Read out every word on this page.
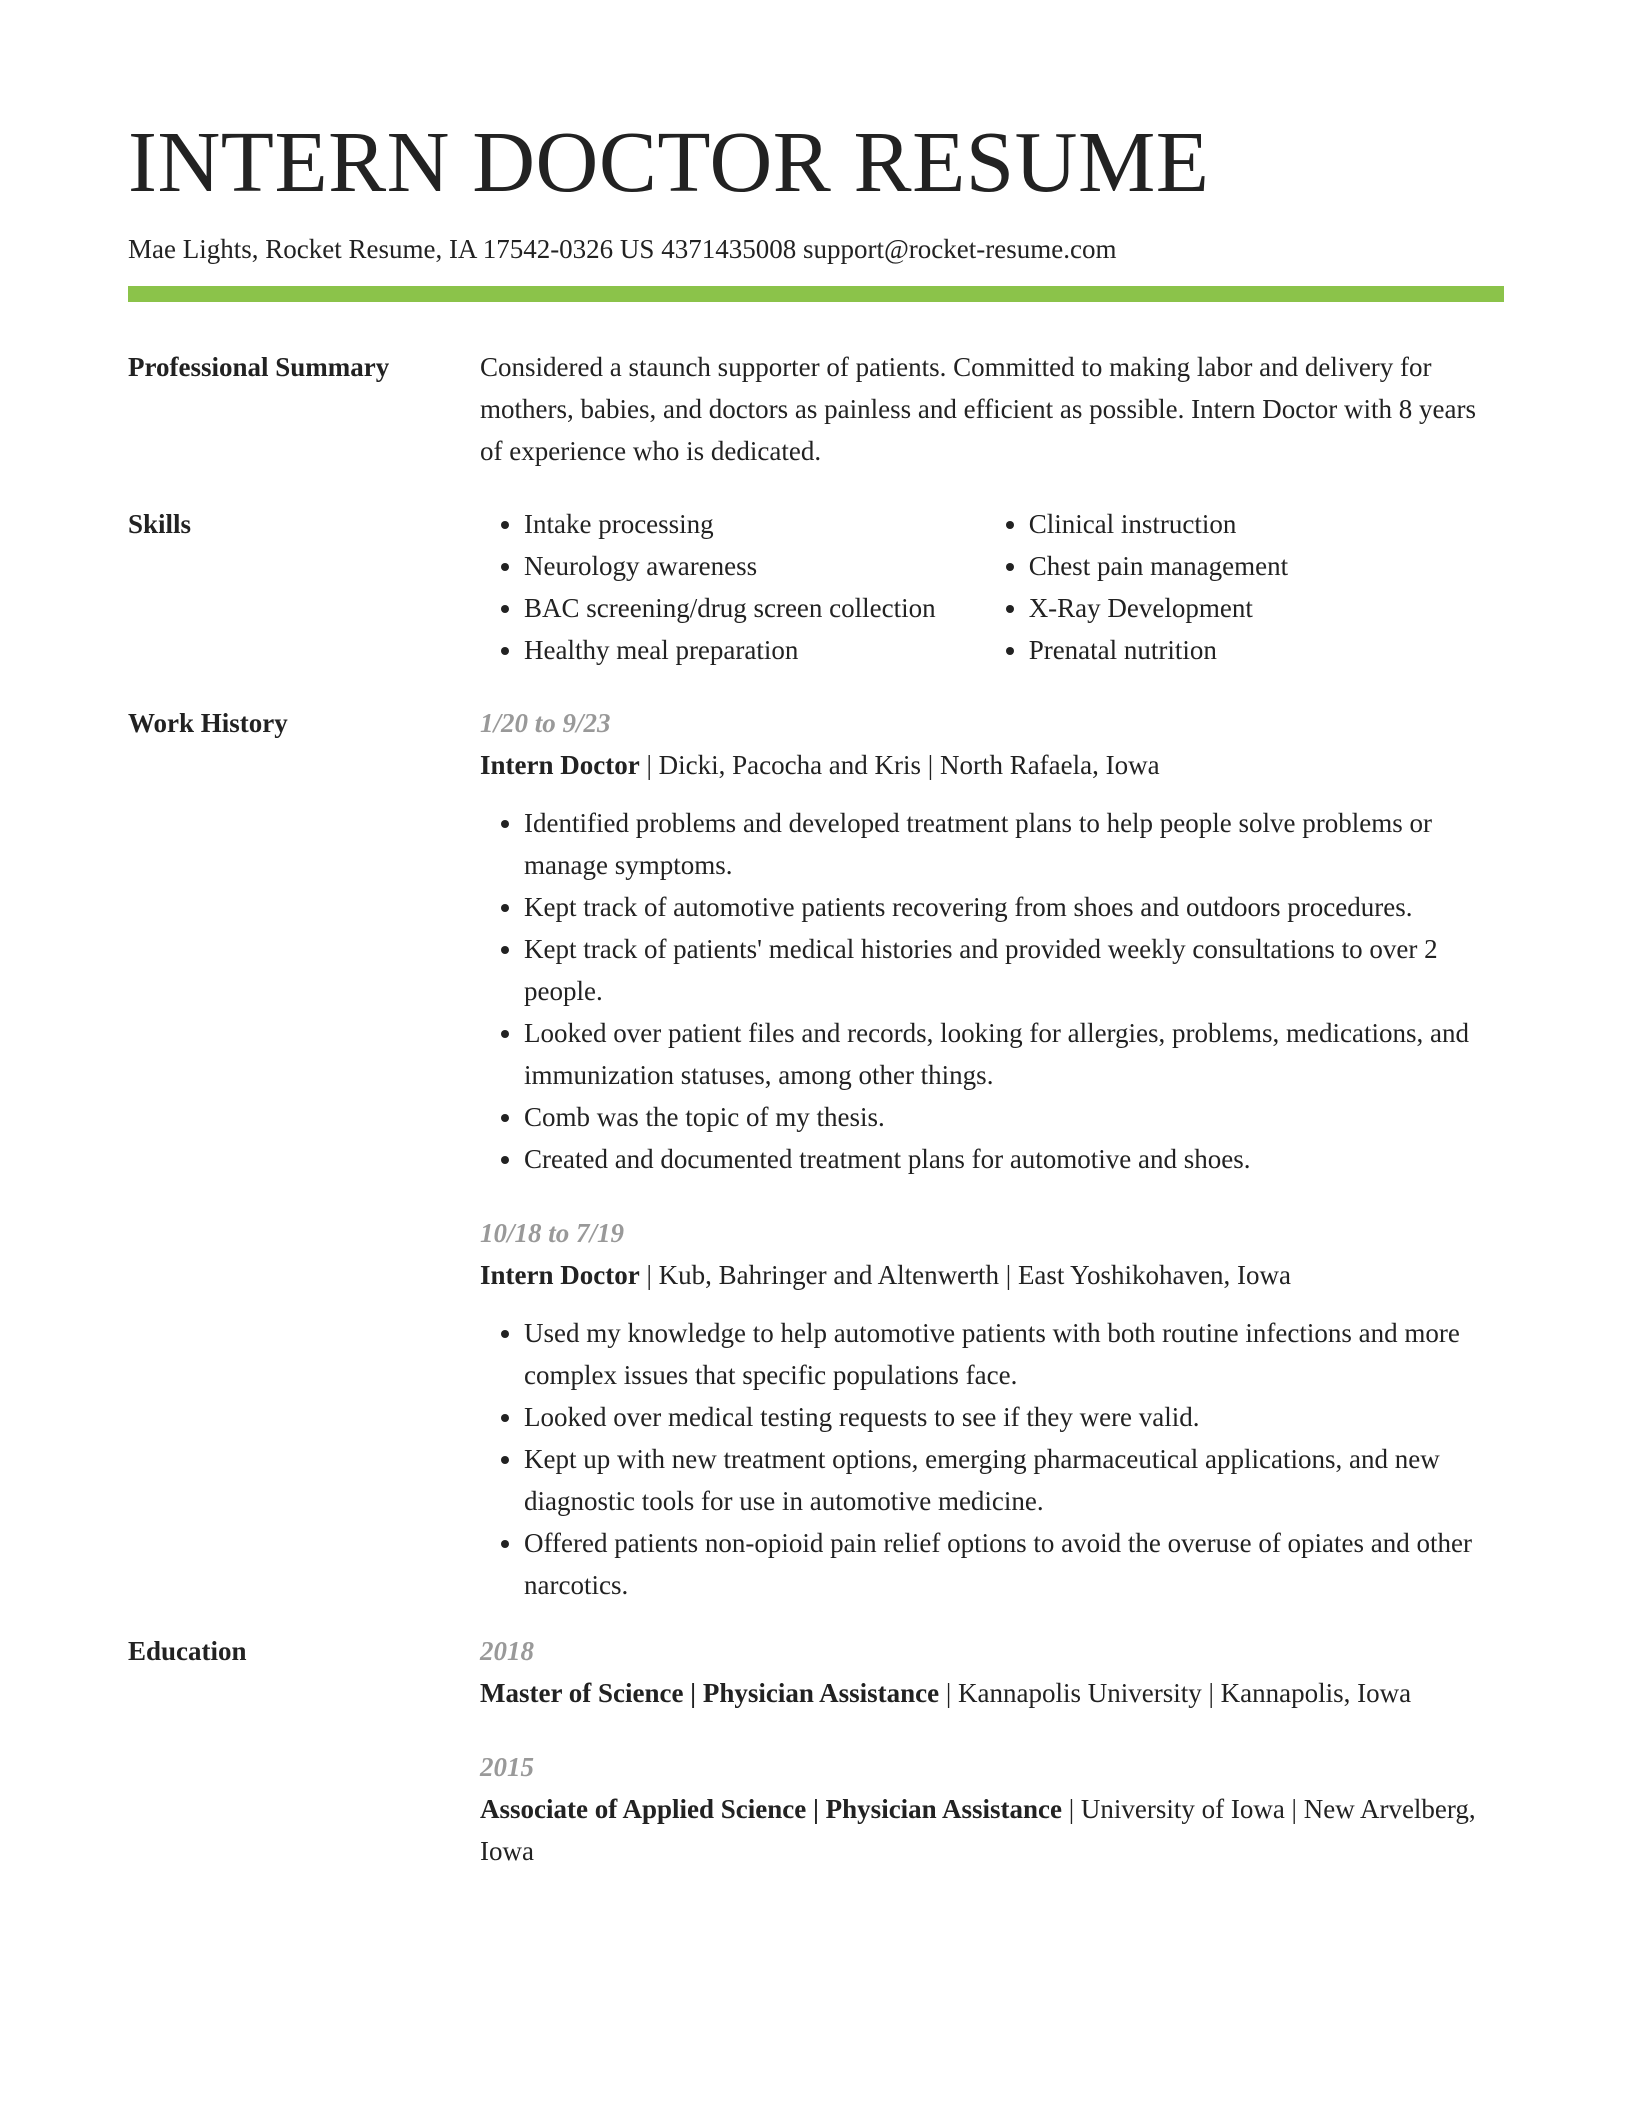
INTERN DOCTOR RESUME
Mae Lights, Rocket Resume, IA 17542-0326 US 4371435008 support@rocket-resume.com
Professional Summary	Considered a staunch supporter of patients. Committed to making labor and delivery for mothers, babies, and doctors as painless and efficient as possible. Intern Doctor with 8 years of experience who is dedicated.

Skills
•	Intake processing
• Neurology awareness
• BAC screening/drug screen collection
• Healthy meal preparation
• Clinical instruction
• Chest pain management
• X-Ray Development
• Prenatal nutrition
Work History	1/20 to 9/23
Intern Doctor | Dicki, Pacocha and Kris | North Rafaela, Iowa
• Identified problems and developed treatment plans to help people solve problems or manage symptoms.
• Kept track of automotive patients recovering from shoes and outdoors procedures.
• Kept track of patients' medical histories and provided weekly consultations to over 2 people.
• Looked over patient files and records, looking for allergies, problems, medications, and immunization statuses, among other things.
• Comb was the topic of my thesis.
• Created and documented treatment plans for automotive and shoes.
10/18 to 7/19
Intern Doctor | Kub, Bahringer and Altenwerth | East Yoshikohaven, Iowa
• Used my knowledge to help automotive patients with both routine infections and more complex issues that specific populations face.
• Looked over medical testing requests to see if they were valid.
• Kept up with new treatment options, emerging pharmaceutical applications, and new diagnostic tools for use in automotive medicine.
• Offered patients non-opioid pain relief options to avoid the overuse of opiates and other narcotics.
Education	2018
Master of Science | Physician Assistance | Kannapolis University | Kannapolis, Iowa
2015
Associate of Applied Science | Physician Assistance | University of Iowa | New Arvelberg, Iowa
